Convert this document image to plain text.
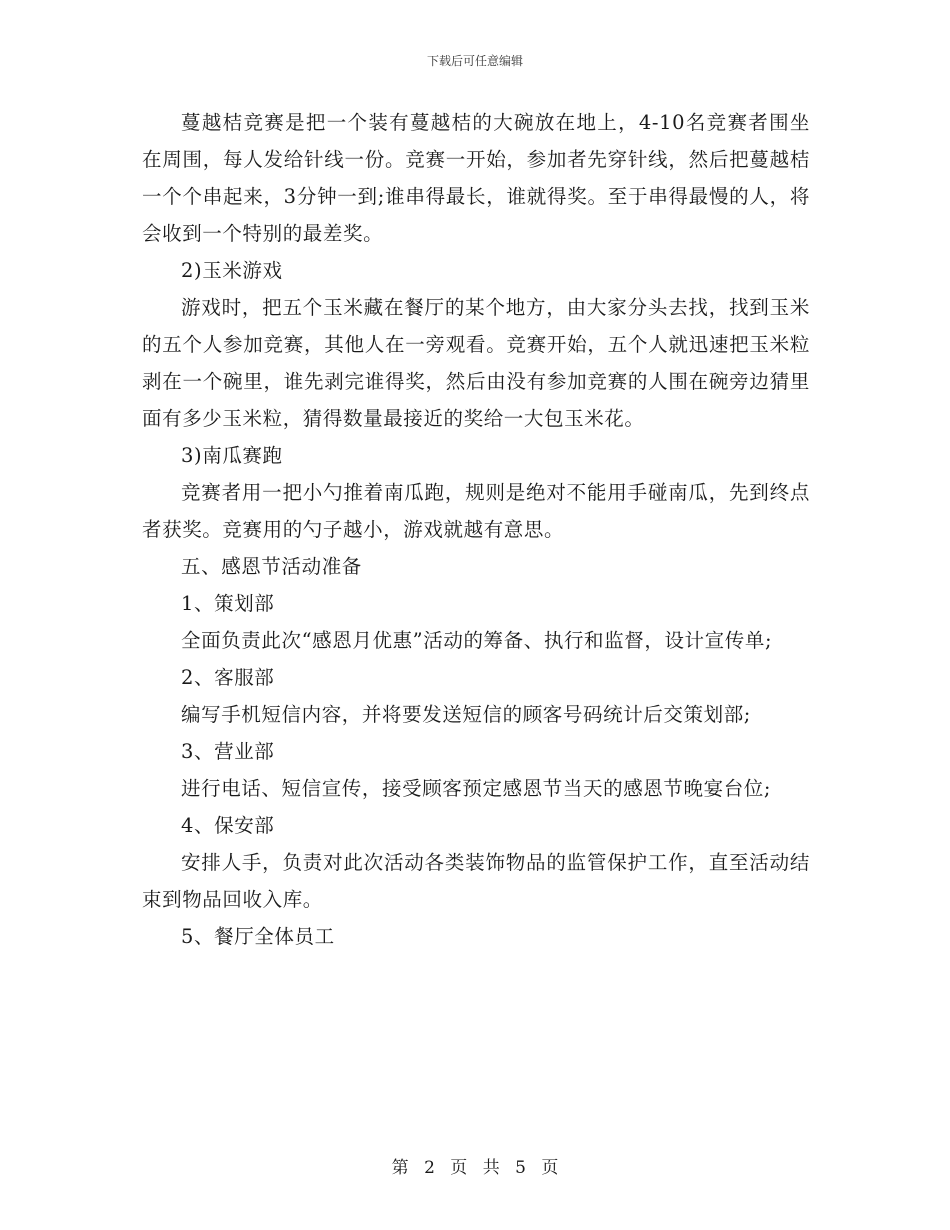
下载后可任意编辑

蔓越桔竞赛是把一个装有蔓越桔的大碗放在地上，4-10名竞赛者围坐在周围，每人发给针线一份。竞赛一开始，参加者先穿针线，然后把蔓越桔一个个串起来，3分钟一到;谁串得最长，谁就得奖。至于串得最慢的人，将会收到一个特别的最差奖。

2)玉米游戏

游戏时，把五个玉米藏在餐厅的某个地方，由大家分头去找，找到玉米的五个人参加竞赛，其他人在一旁观看。竞赛开始，五个人就迅速把玉米粒剥在一个碗里，谁先剥完谁得奖，然后由没有参加竞赛的人围在碗旁边猜里面有多少玉米粒，猜得数量最接近的奖给一大包玉米花。

3)南瓜赛跑

竞赛者用一把小勺推着南瓜跑，规则是绝对不能用手碰南瓜，先到终点者获奖。竞赛用的勺子越小，游戏就越有意思。

五、感恩节活动准备

1、策划部

全面负责此次“感恩月优惠”活动的筹备、执行和监督，设计宣传单;

2、客服部

编写手机短信内容，并将要发送短信的顾客号码统计后交策划部;

3、营业部

进行电话、短信宣传，接受顾客预定感恩节当天的感恩节晚宴台位;

4、保安部

安排人手，负责对此次活动各类装饰物品的监管保护工作，直至活动结束到物品回收入库。

5、餐厅全体员工

第 2 页 共 5 页
